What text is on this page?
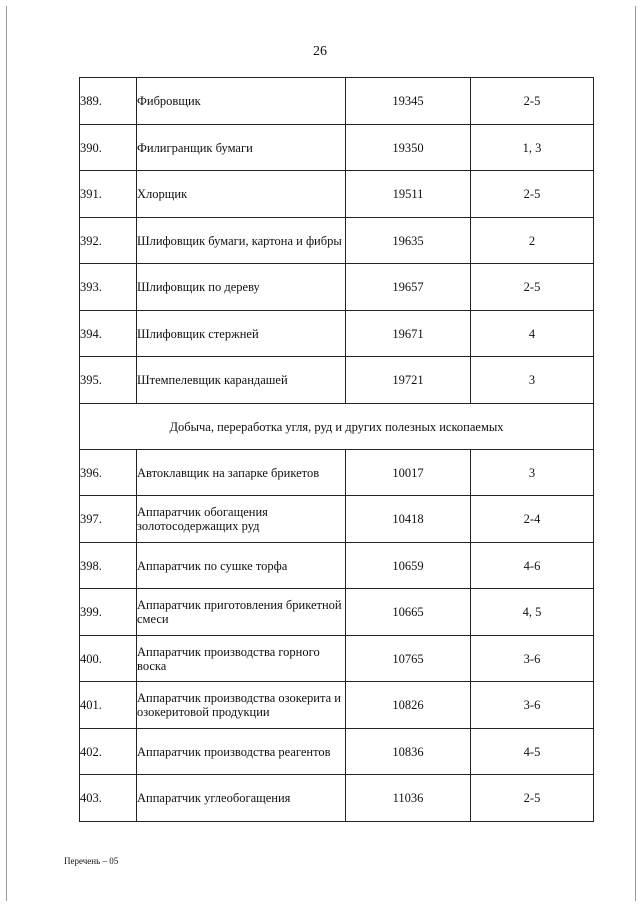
26
389.	Фибровщик	19345	2-5
390.	Филигранщик бумаги	19350	1, 3
391.	Хлорщик	19511	2-5
392.	Шлифовщик бумаги, картона и фибры	19635	2
393.	Шлифовщик по дереву	19657	2-5
394.	Шлифовщик стержней	19671	4
395.	Штемпелевщик карандашей	19721	3
Добыча, переработка угля, руд и других полезных ископаемых			
396.	Автоклавщик на запарке брикетов	10017	3
397.	Аппаратчик обогащения золотосодержащих руд	10418	2-4
398.	Аппаратчик по сушке торфа	10659	4-6
399.	Аппаратчик приготовления брикетной смеси	10665	4, 5
400.	Аппаратчик производства горного воска	10765	3-6
401.	Аппаратчик производства озокерита и озокеритовой продукции	10826	3-6
402.	Аппаратчик производства реагентов	10836	4-5
403.	Аппаратчик углеобогащения	11036	2-5
Перечень – 05
